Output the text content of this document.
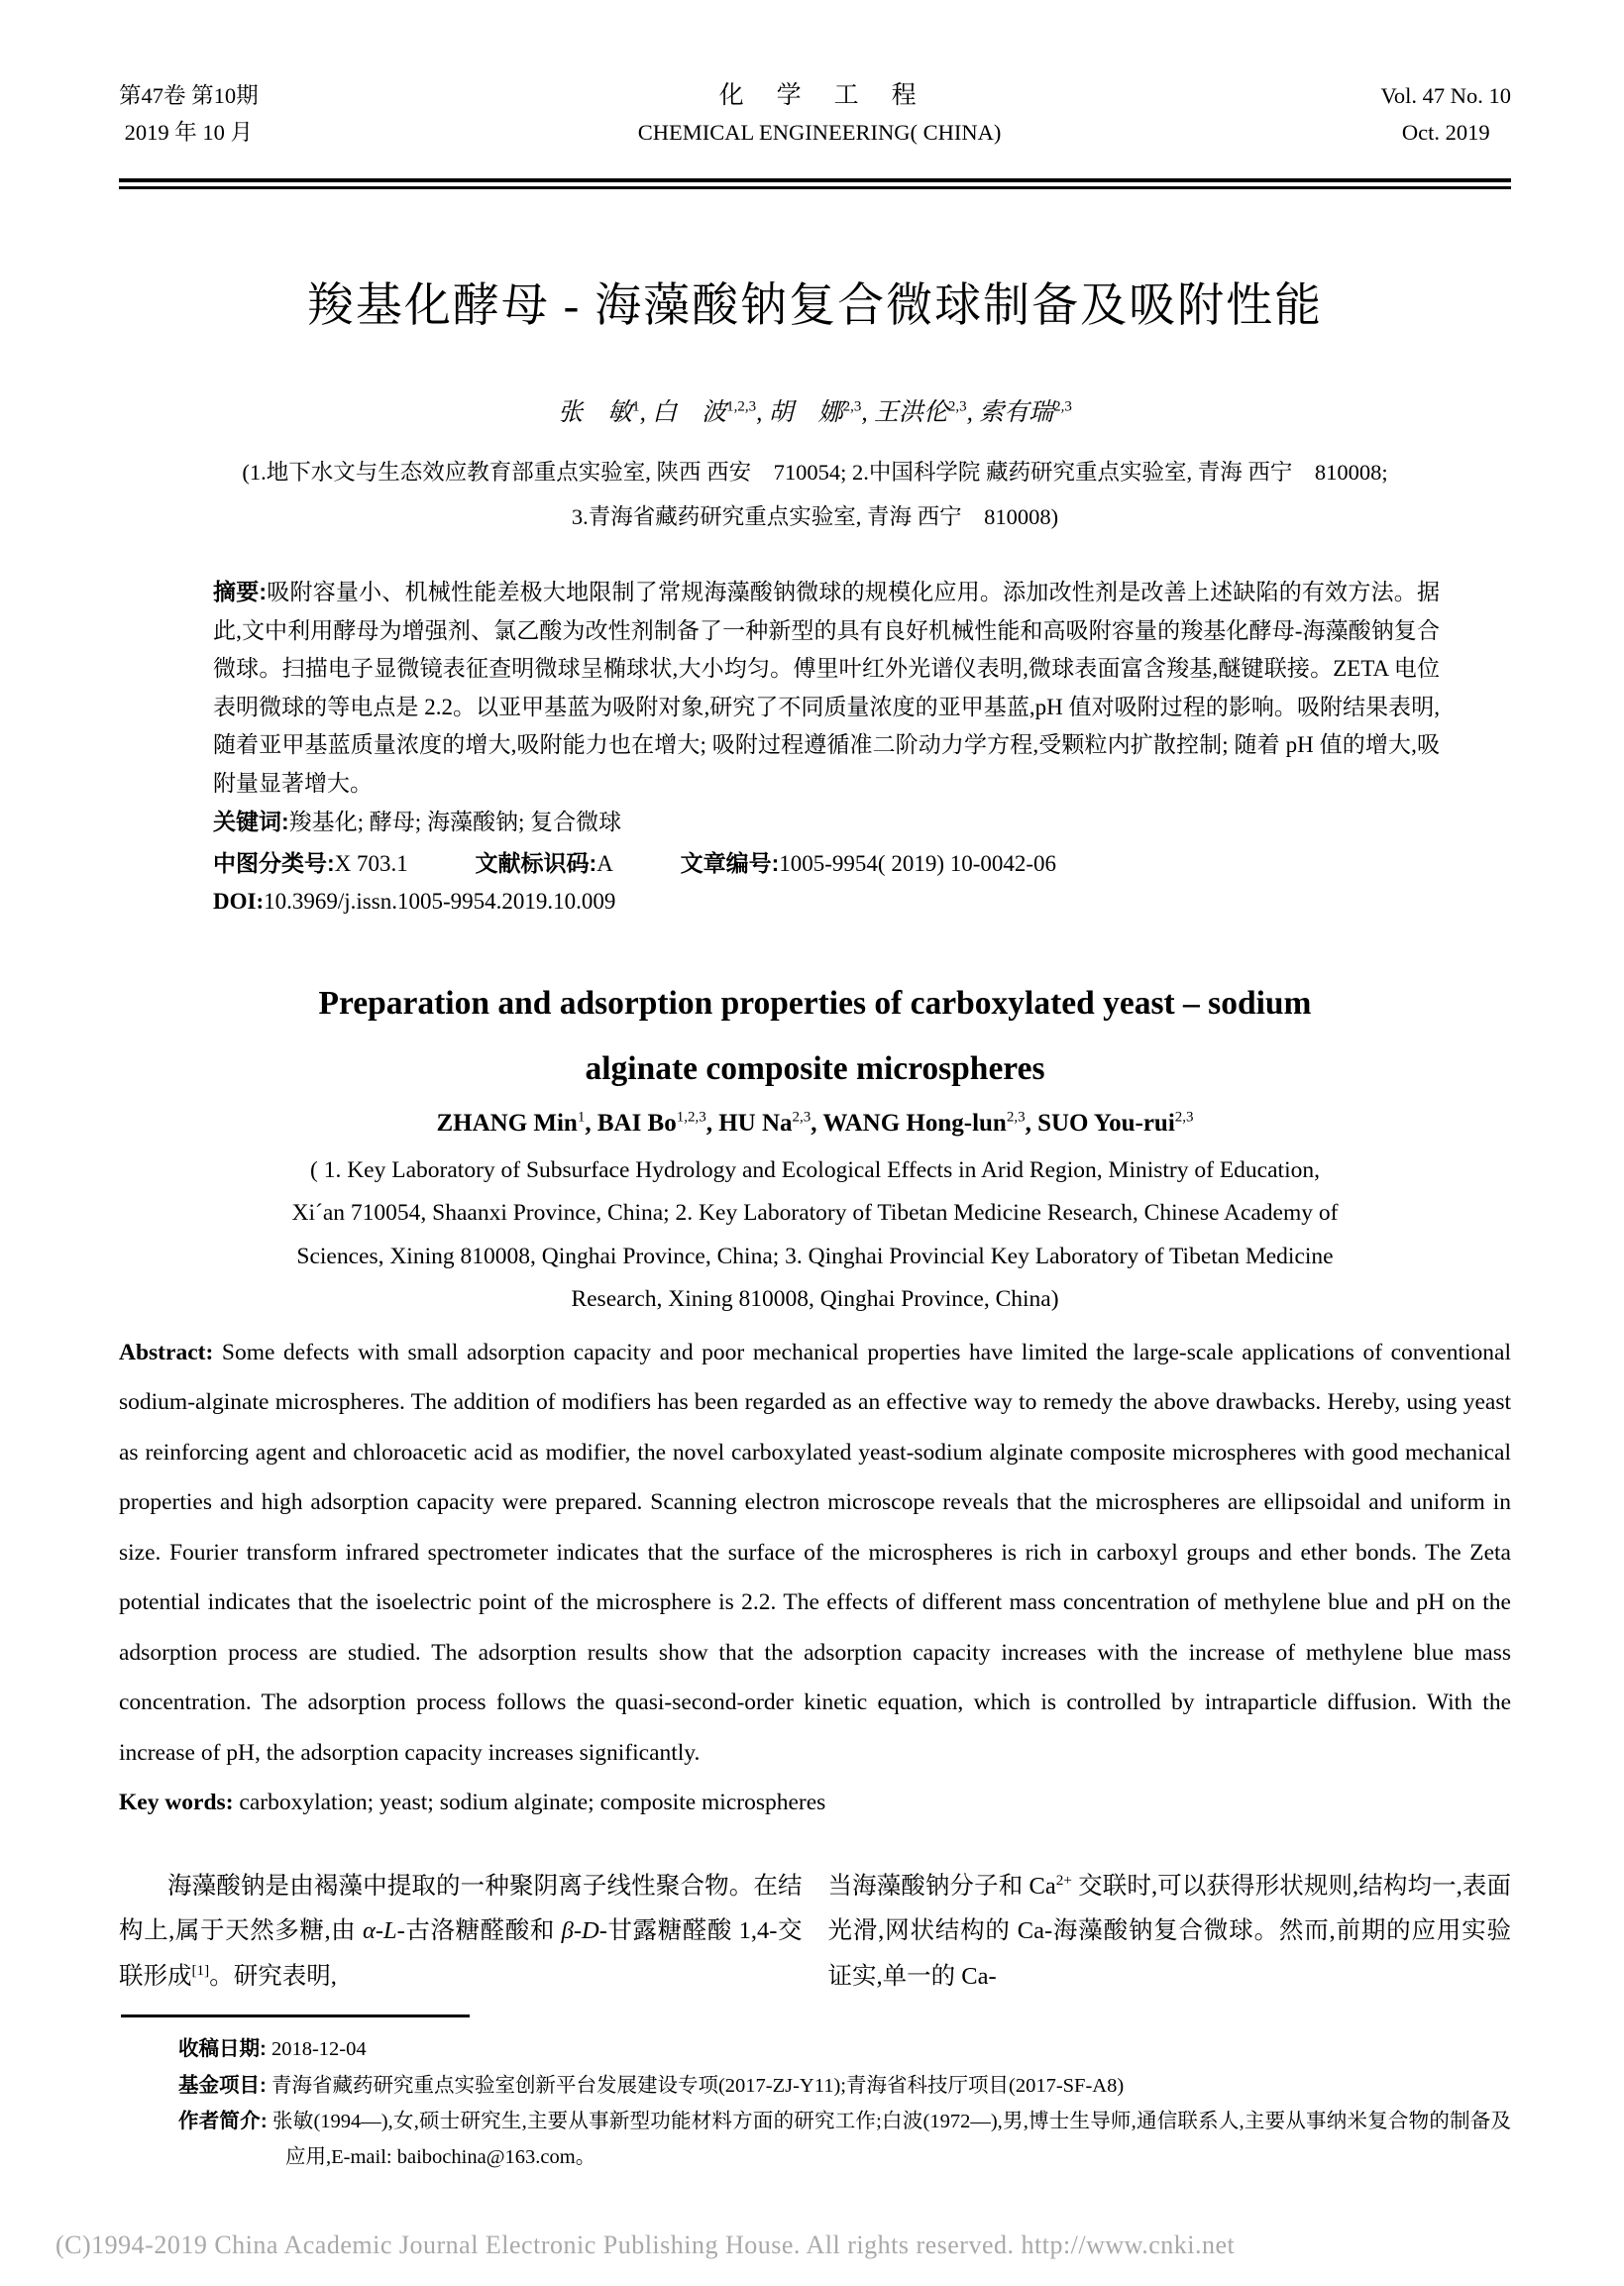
第47卷 第10期
2019 年 10 月
化　学　工　程
CHEMICAL ENGINEERING( CHINA)
Vol. 47 No. 10
Oct. 2019
羧基化酵母 - 海藻酸钠复合微球制备及吸附性能
张　敏$^1$, 白　波$^{1,2,3}$, 胡　娜$^{2,3}$, 王洪伦$^{2,3}$, 索有瑞$^{2,3}$
(1.地下水文与生态效应教育部重点实验室, 陕西 西安　710054; 2.中国科学院 藏药研究重点实验室, 青海 西宁　810008;
3.青海省藏药研究重点实验室, 青海 西宁　810008)
摘要:吸附容量小、机械性能差极大地限制了常规海藻酸钠微球的规模化应用。添加改性剂是改善上述缺陷的有效方法。据此,文中利用酵母为增强剂、氯乙酸为改性剂制备了一种新型的具有良好机械性能和高吸附容量的羧基化酵母-海藻酸钠复合微球。扫描电子显微镜表征查明微球呈椭球状,大小均匀。傅里叶红外光谱仪表明,微球表面富含羧基,醚键联接。ZETA 电位表明微球的等电点是 2.2。以亚甲基蓝为吸附对象,研究了不同质量浓度的亚甲基蓝,pH 值对吸附过程的影响。吸附结果表明,随着亚甲基蓝质量浓度的增大,吸附能力也在增大; 吸附过程遵循准二阶动力学方程,受颗粒内扩散控制; 随着 pH 值的增大,吸附量显著增大。
关键词:羧基化; 酵母; 海藻酸钠; 复合微球
中图分类号:X 703.1	文献标识码:A	文章编号:1005-9954( 2019) 10-0042-06
DOI:10.3969/j.issn.1005-9954.2019.10.009
Preparation and adsorption properties of carboxylated yeast – sodium
alginate composite microspheres
ZHANG Min$^1$, BAI Bo$^{1,2,3}$, HU Na$^{2,3}$, WANG Hong-lun$^{2,3}$, SUO You-rui$^{2,3}$
( 1. Key Laboratory of Subsurface Hydrology and Ecological Effects in Arid Region, Ministry of Education,
Xi´an 710054, Shaanxi Province, China; 2. Key Laboratory of Tibetan Medicine Research, Chinese Academy of
Sciences, Xining 810008, Qinghai Province, China; 3. Qinghai Provincial Key Laboratory of Tibetan Medicine
Research, Xining 810008, Qinghai Province, China)
Abstract: Some defects with small adsorption capacity and poor mechanical properties have limited the large-scale applications of conventional sodium-alginate microspheres. The addition of modifiers has been regarded as an effective way to remedy the above drawbacks. Hereby, using yeast as reinforcing agent and chloroacetic acid as modifier, the novel carboxylated yeast-sodium alginate composite microspheres with good mechanical properties and high adsorption capacity were prepared. Scanning electron microscope reveals that the microspheres are ellipsoidal and uniform in size. Fourier transform infrared spectrometer indicates that the surface of the microspheres is rich in carboxyl groups and ether bonds. The Zeta potential indicates that the isoelectric point of the microsphere is 2.2. The effects of different mass concentration of methylene blue and pH on the adsorption process are studied. The adsorption results show that the adsorption capacity increases with the increase of methylene blue mass concentration. The adsorption process follows the quasi-second-order kinetic equation, which is controlled by intraparticle diffusion. With the increase of pH, the adsorption capacity increases significantly.
Key words: carboxylation; yeast; sodium alginate; composite microspheres
海藻酸钠是由褐藻中提取的一种聚阴离子线性聚合物。在结构上,属于天然多糖,由 α-L-古洛糖醛酸和 β-D-甘露糖醛酸 1,4-交联形成[1]。研究表明,
当海藻酸钠分子和 $Ca^{2+}$ 交联时,可以获得形状规则,结构均一,表面光滑,网状结构的 Ca-海藻酸钠复合微球。然而,前期的应用实验证实,单一的 Ca-
收稿日期: 2018-12-04
基金项目: 青海省藏药研究重点实验室创新平台发展建设专项(2017-ZJ-Y11);青海省科技厅项目(2017-SF-A8)
作者简介: 张敏(1994—),女,硕士研究生,主要从事新型功能材料方面的研究工作;白波(1972—),男,博士生导师,通信联系人,主要从事纳米复合物的制备及应用,E-mail: baibochina@163.com。
(C)1994-2019 China Academic Journal Electronic Publishing House. All rights reserved. http://www.cnki.net
